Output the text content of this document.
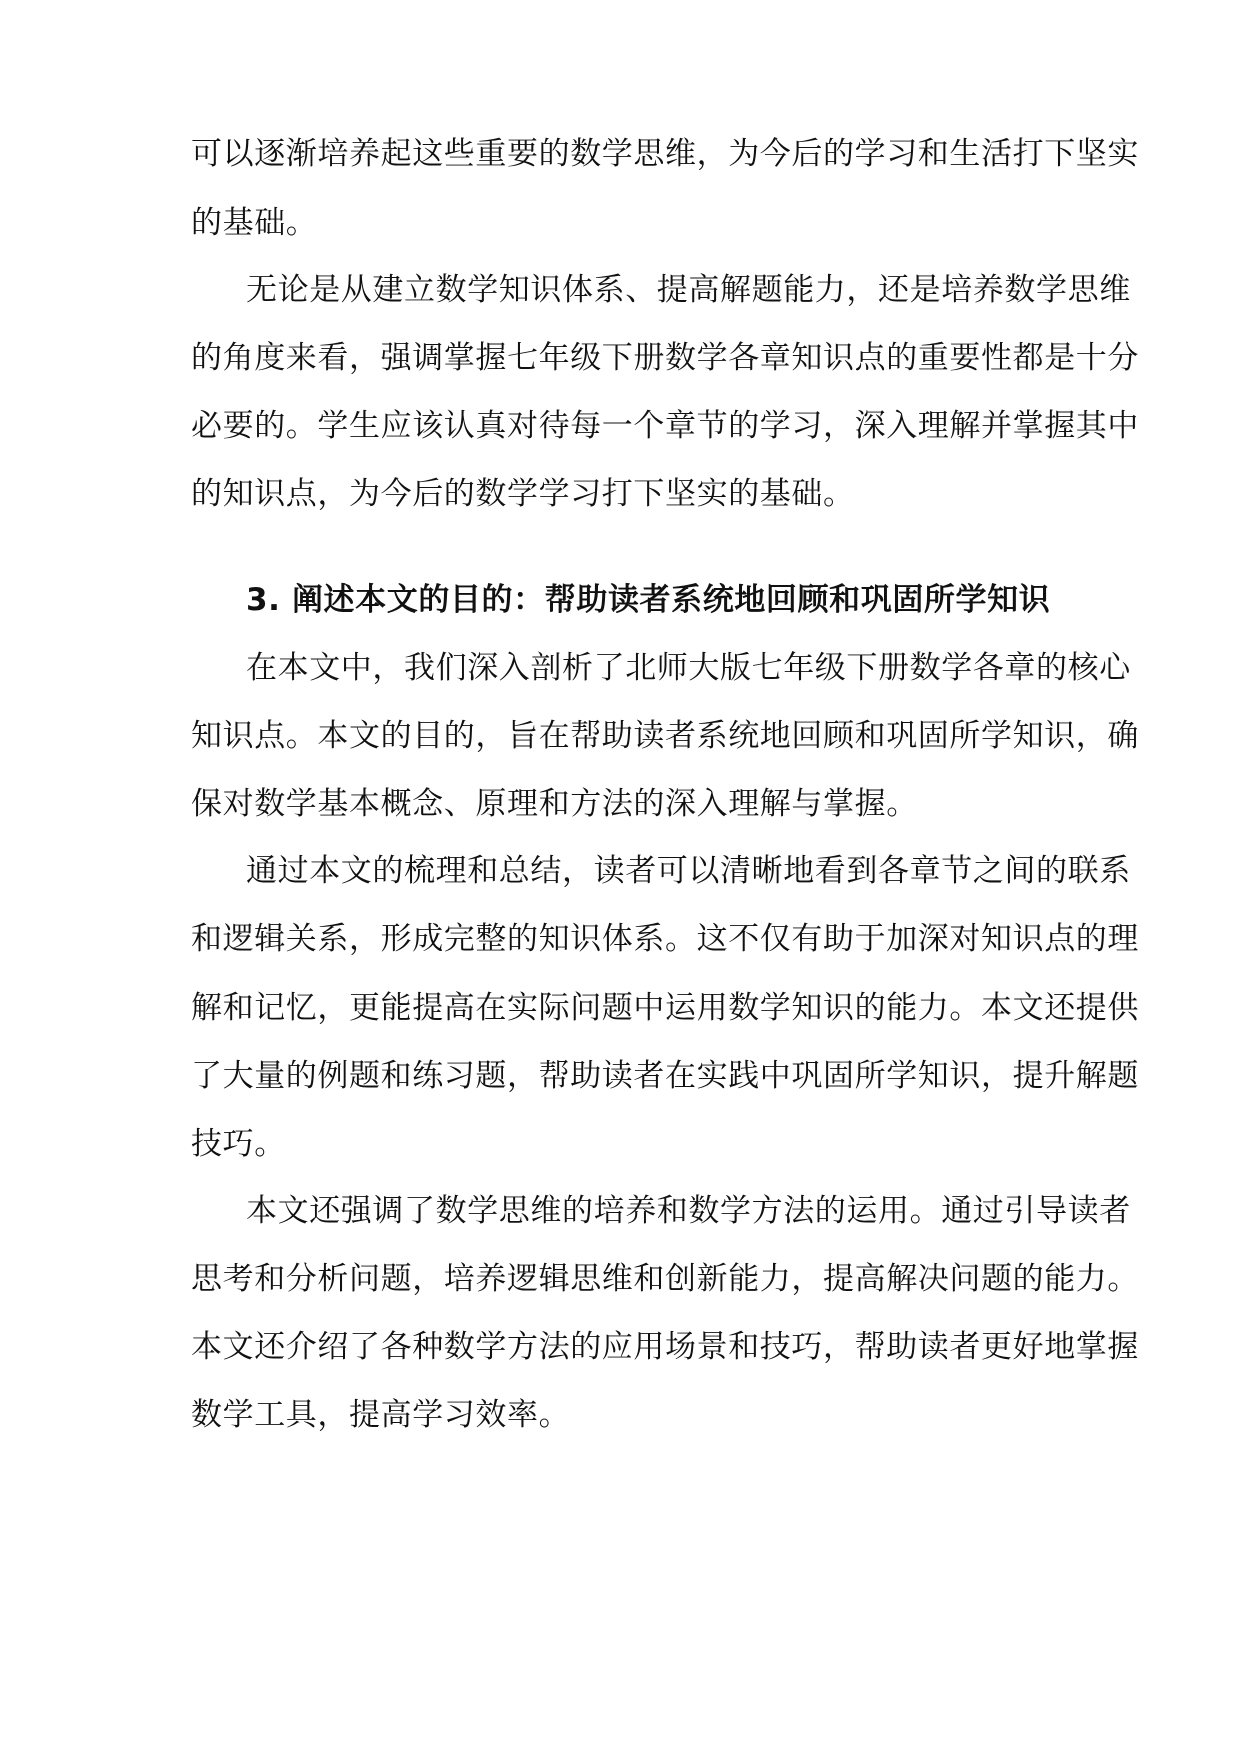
可以逐渐培养起这些重要的数学思维，为今后的学习和生活打下坚实
的基础。
无论是从建立数学知识体系、提高解题能力，还是培养数学思维
的角度来看，强调掌握七年级下册数学各章知识点的重要性都是十分
必要的。学生应该认真对待每一个章节的学习，深入理解并掌握其中
的知识点，为今后的数学学习打下坚实的基础。
3. 阐述本文的目的：帮助读者系统地回顾和巩固所学知识
在本文中，我们深入剖析了北师大版七年级下册数学各章的核心
知识点。本文的目的，旨在帮助读者系统地回顾和巩固所学知识，确
保对数学基本概念、原理和方法的深入理解与掌握。
通过本文的梳理和总结，读者可以清晰地看到各章节之间的联系
和逻辑关系，形成完整的知识体系。这不仅有助于加深对知识点的理
解和记忆，更能提高在实际问题中运用数学知识的能力。本文还提供
了大量的例题和练习题，帮助读者在实践中巩固所学知识，提升解题
技巧。
本文还强调了数学思维的培养和数学方法的运用。通过引导读者
思考和分析问题，培养逻辑思维和创新能力，提高解决问题的能力。
本文还介绍了各种数学方法的应用场景和技巧，帮助读者更好地掌握
数学工具，提高学习效率。
